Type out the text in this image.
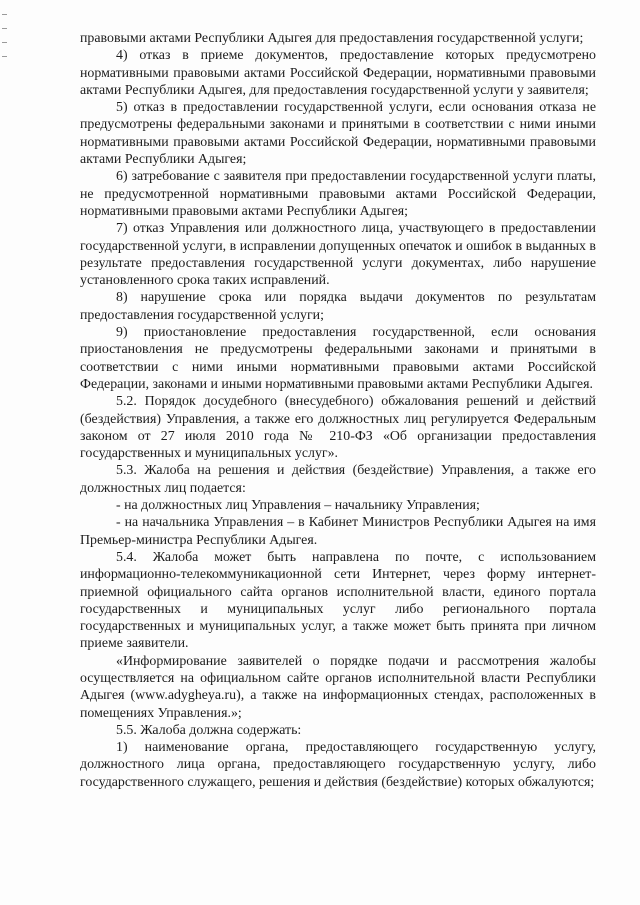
правовыми актами Республики Адыгея для предоставления государственной услуги;

4) отказ в приеме документов, предоставление которых предусмотрено нормативными правовыми актами Российской Федерации, нормативными правовыми актами Республики Адыгея, для предоставления государственной услуги у заявителя;

5) отказ в предоставлении государственной услуги, если основания отказа не предусмотрены федеральными законами и принятыми в соответствии с ними иными нормативными правовыми актами Российской Федерации, нормативными правовыми актами Республики Адыгея;

6) затребование с заявителя при предоставлении государственной услуги платы, не предусмотренной нормативными правовыми актами Российской Федерации, нормативными правовыми актами Республики Адыгея;

7) отказ Управления или должностного лица, участвующего в предоставлении государственной услуги, в исправлении допущенных опечаток и ошибок в выданных в результате предоставления государственной услуги документах, либо нарушение установленного срока таких исправлений.

8) нарушение срока или порядка выдачи документов по результатам предоставления государственной услуги;

9) приостановление предоставления государственной, если основания приостановления не предусмотрены федеральными законами и принятыми в соответствии с ними иными нормативными правовыми актами Российской Федерации, законами и иными нормативными правовыми актами Республики Адыгея.

5.2. Порядок досудебного (внесудебного) обжалования решений и действий (бездействия) Управления, а также его должностных лиц регулируется Федеральным законом от 27 июля 2010 года № 210-ФЗ «Об организации предоставления государственных и муниципальных услуг».

5.3. Жалоба на решения и действия (бездействие) Управления, а также его должностных лиц подается:

- на должностных лиц Управления – начальнику Управления;

- на начальника Управления – в Кабинет Министров Республики Адыгея на имя Премьер-министра Республики Адыгея.

5.4. Жалоба может быть направлена по почте, с использованием информационно-телекоммуникационной сети Интернет, через форму интернет-приемной официального сайта органов исполнительной власти, единого портала государственных и муниципальных услуг либо регионального портала государственных и муниципальных услуг, а также может быть принята при личном приеме заявители.

«Информирование заявителей о порядке подачи и рассмотрения жалобы осуществляется на официальном сайте органов исполнительной власти Республики Адыгея (www.adygheya.ru), а также на информационных стендах, расположенных в помещениях Управления.»;

5.5. Жалоба должна содержать:

1) наименование органа, предоставляющего государственную услугу, должностного лица органа, предоставляющего государственную услугу, либо государственного служащего, решения и действия (бездействие) которых обжалуются;
